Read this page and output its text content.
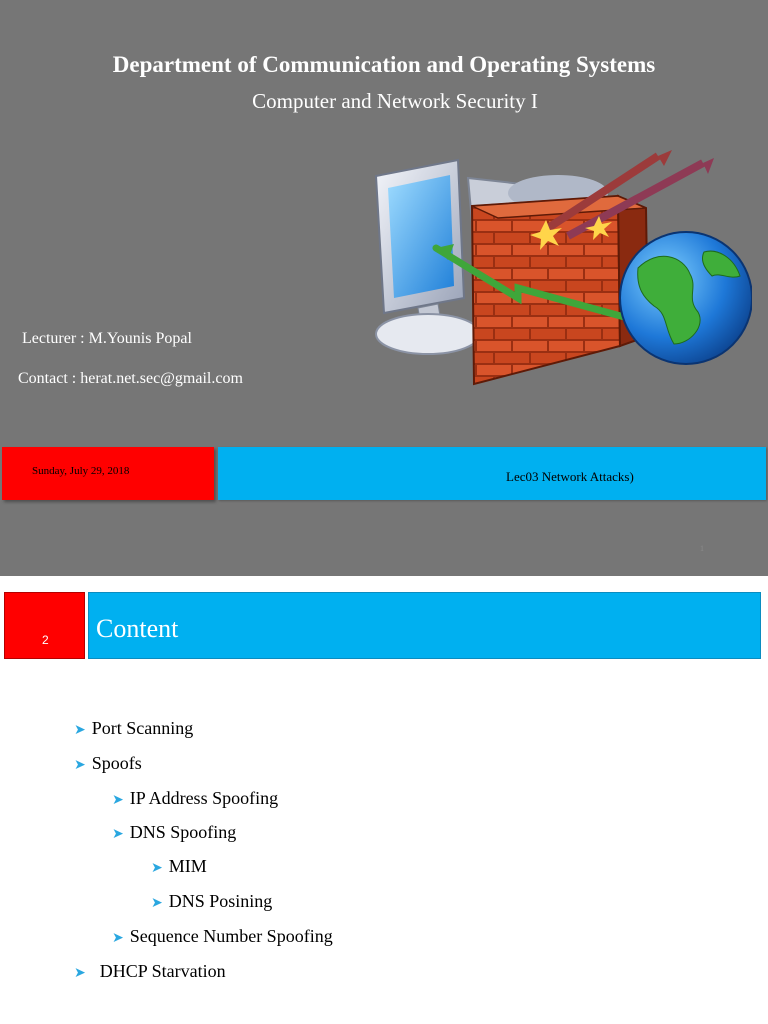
Department of Communication and Operating Systems
Computer and Network Security I
Lecturer : M.Younis Popal
Contact : herat.net.sec@gmail.com
Sunday, July 29, 2018	Lec03 Network Attacks)
1
2 Content
➤ Port Scanning
➤ Spoofs
➤ IP Address Spoofing
➤ DNS Spoofing
➤ MIM
➤ DNS Posining
➤ Sequence Number Spoofing
➤ DHCP Starvation
